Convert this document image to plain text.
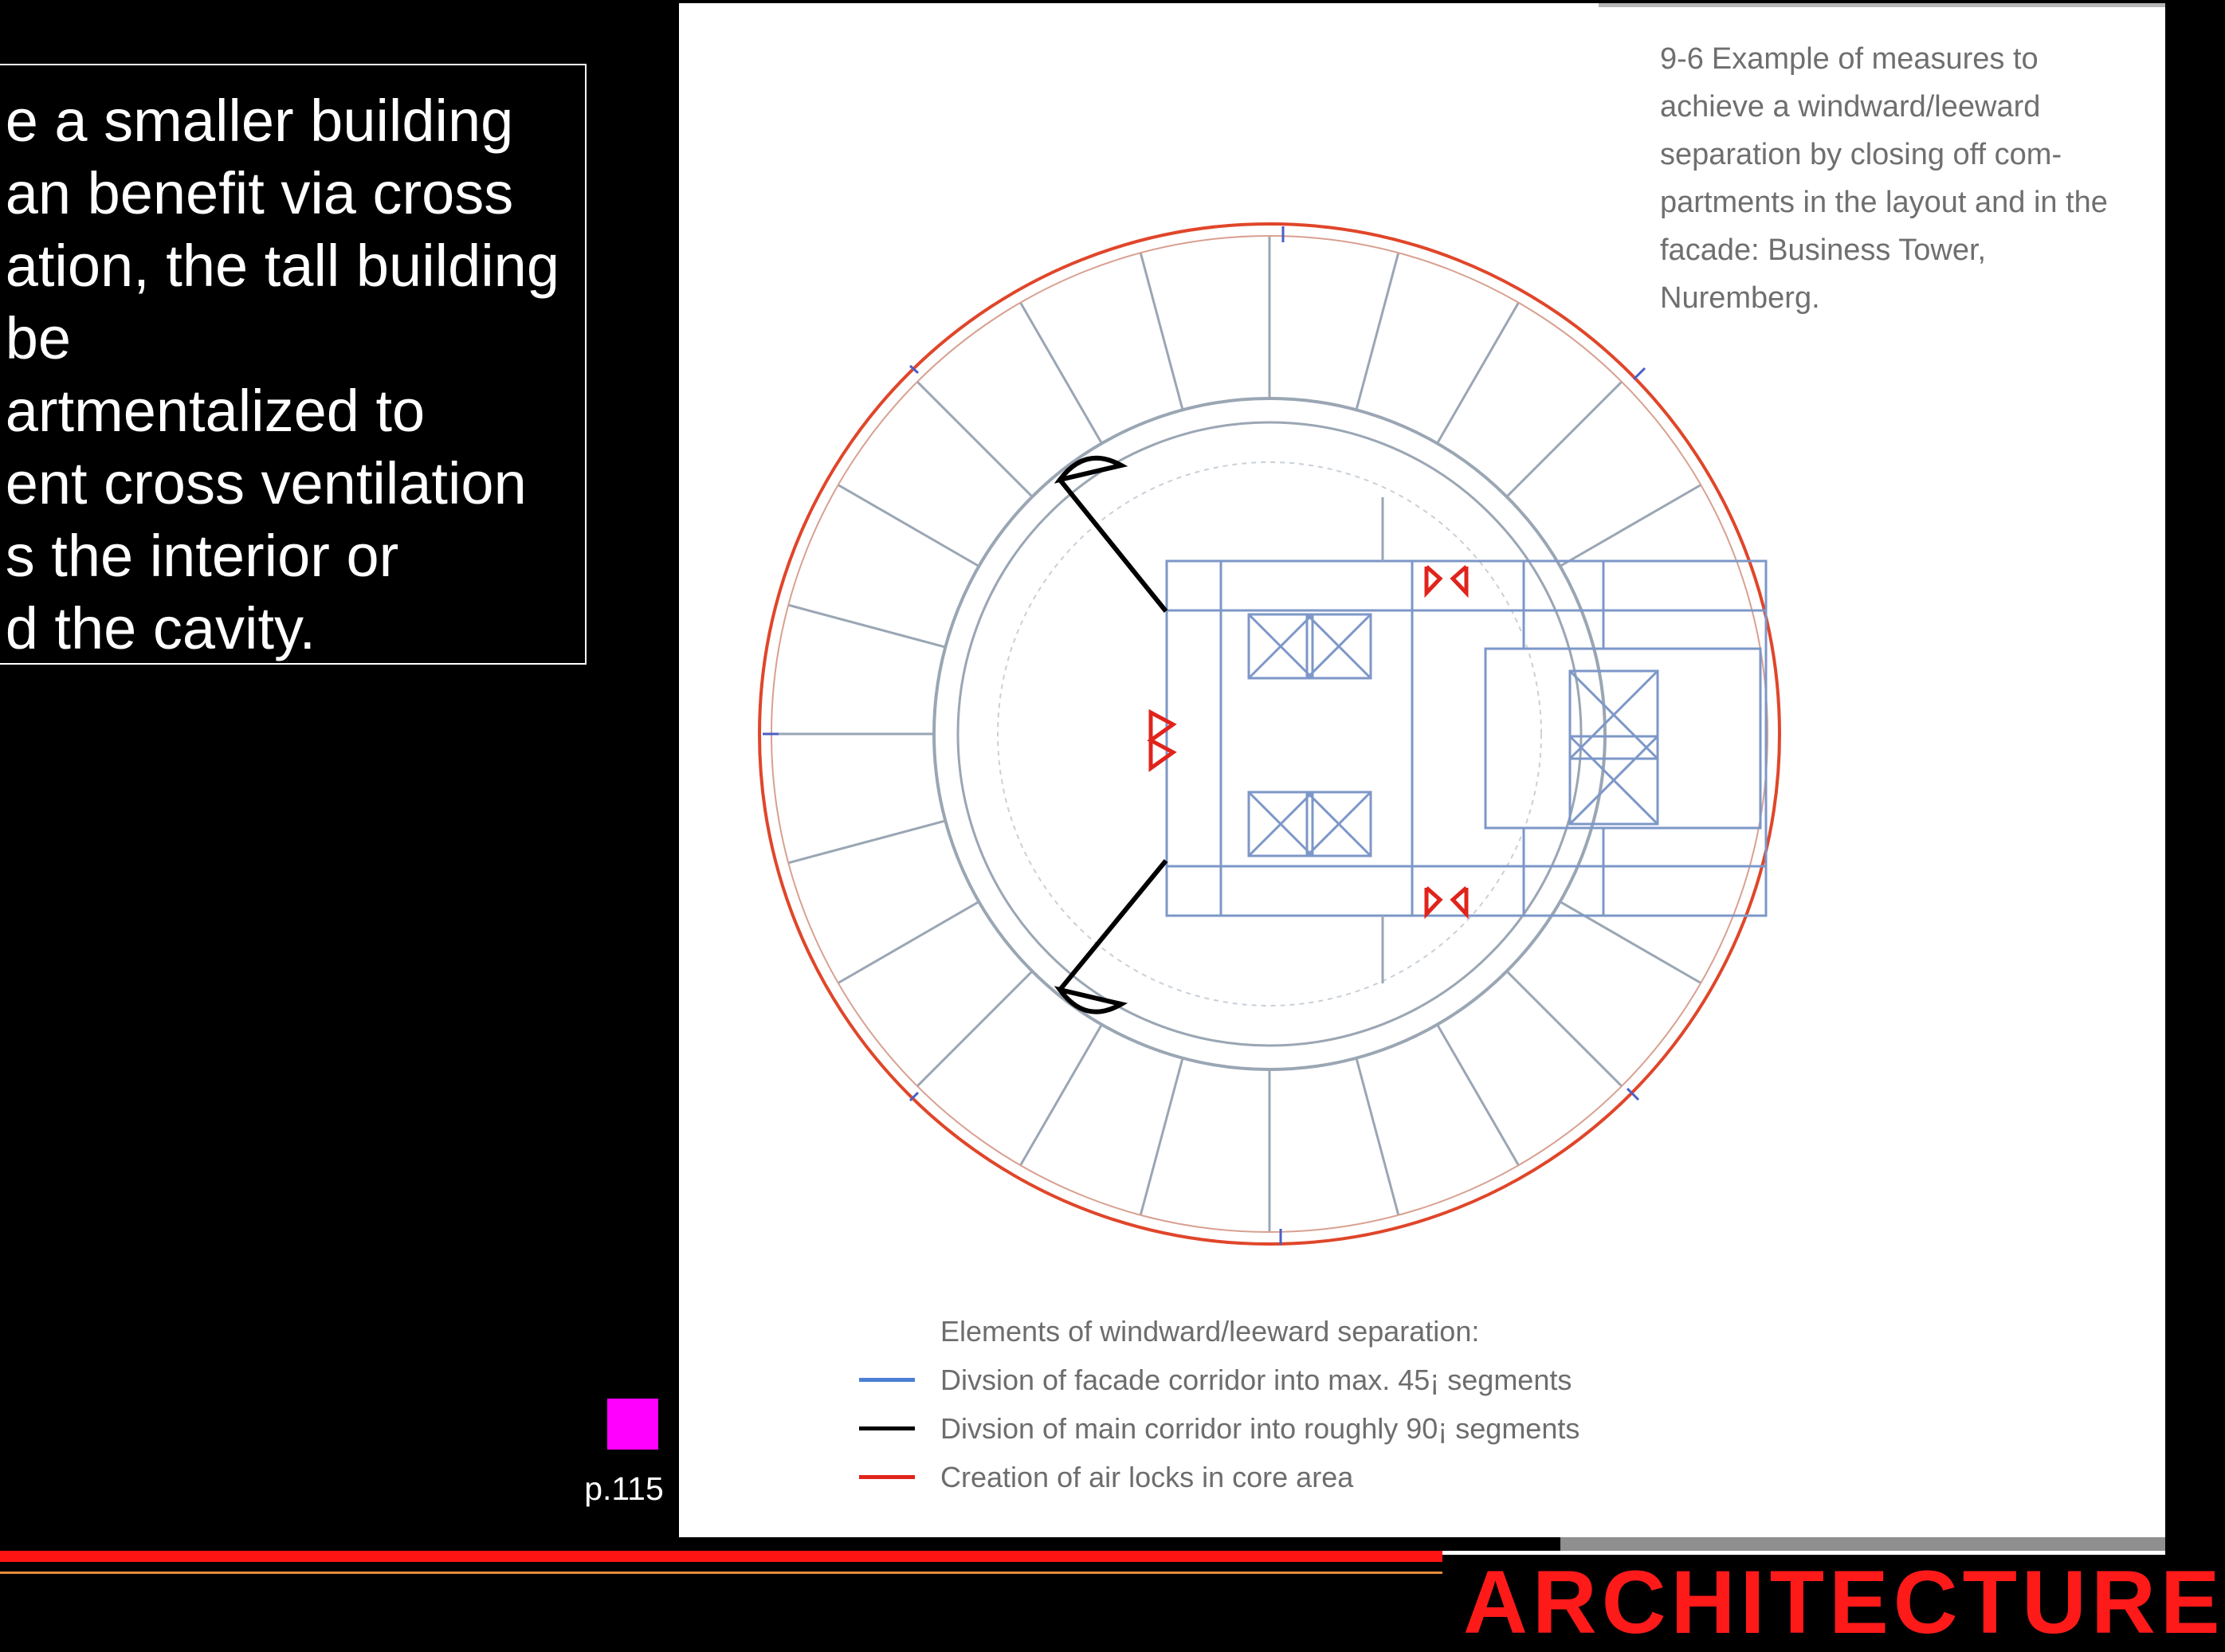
e a smaller building
an benefit via cross
ation, the tall building
be
artmentalized to
ent cross ventilation
s the interior or
d the cavity.
p.115
9-6 Example of measures to achieve a windward/leeward separation by closing off com-partments in the layout and in the facade: Business Tower, Nuremberg.
Elements of windward/leeward separation:
Divsion of facade corridor into max. 45¡ segments
Divsion of main corridor into roughly 90¡ segments
Creation of air locks in core area
ARCHITECTURE
